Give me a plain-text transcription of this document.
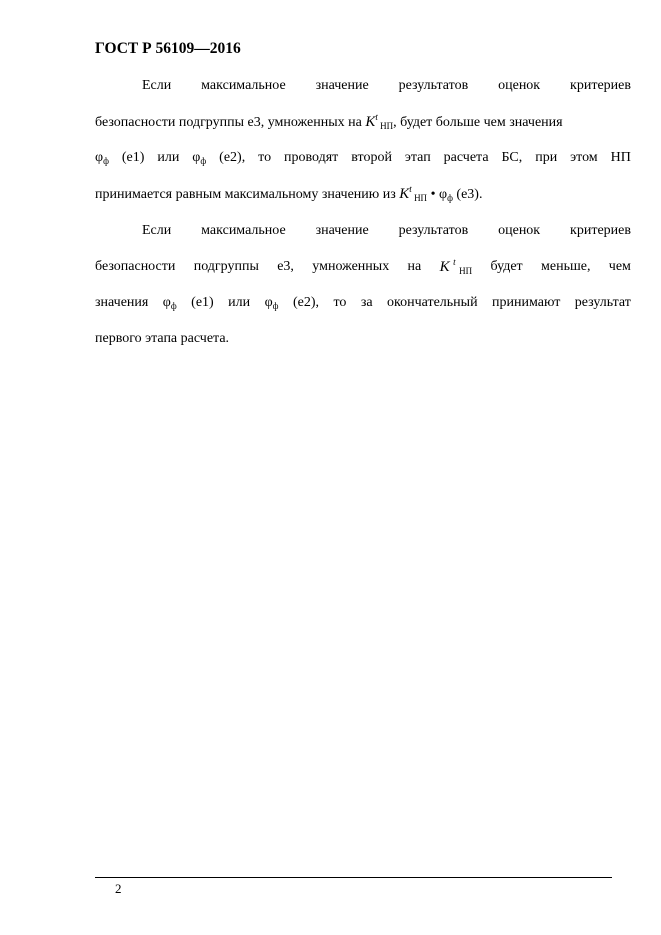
ГОСТ Р 56109—2016
Если максимальное значение результатов оценок критериев
безопасности подгруппы е3, умноженных на $K^t$ $_{НП}$, будет больше чем значения
$\varphi_ф$ (е1) или $\varphi_ф$ (е2), то проводят второй этап расчета БС, при этом НП
принимается равным максимальному значению из $K^t$ $_{НП}$ • $\varphi_ф$ (е3).
Если максимальное значение результатов оценок критериев
безопасности подгруппы е3, умноженных на K $^t$ $_{НП}$ будет меньше, чем
значения $\varphi_ф$ (е1) или $\varphi_ф$ (е2), то за окончательный принимают результат
первого этапа расчета.
2
